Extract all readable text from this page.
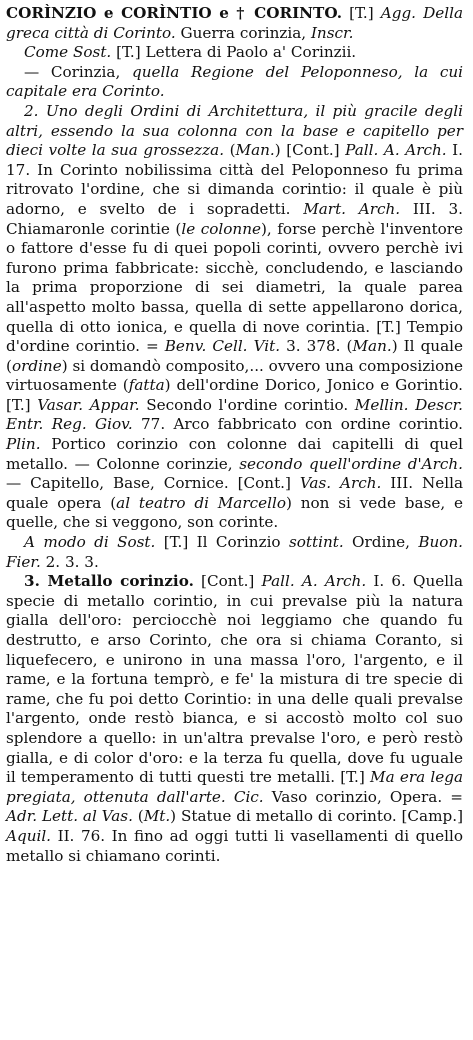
CORÌNZIO e CORÌNTIO e † CORINTO. [T.] Agg. Della greca città di Corinto. Guerra corinzia, Inscr.

Come Sost. [T.] Lettera di Paolo a' Corinzii.

— Corinzia, quella Regione del Peloponneso, la cui capitale era Corinto.

2. Uno degli Ordini di Architettura, il più gracile degli altri, essendo la sua colonna con la base e capitello per dieci volte la sua grossezza. (Man.) [Cont.] Pall. A. Arch. I. 17. In Corinto nobilissima città del Peloponneso fu prima ritrovato l'ordine, che si dimanda corintio: il quale è più adorno, e svelto de i sopradetti. Mart. Arch. III. 3. Chiamaronle corintie (le colonne), forse perchè l'inventore o fattore d'esse fu di quei popoli corinti, ovvero perchè ivi furono prima fabbricate: sicchè, concludendo, e lasciando la prima proporzione di sei diametri, la quale parea all'aspetto molto bassa, quella di sette appellarono dorica, quella di otto ionica, e quella di nove corintia. [T.] Tempio d'ordine corintio. = Benv. Cell. Vit. 3. 378. (Man.) Il quale (ordine) si domandò composito,... ovvero una composizione virtuosamente (fatta) dell'ordine Dorico, Jonico e Gorintio. [T.] Vasar. Appar. Secondo l'ordine corintio. Mellin. Descr. Entr. Reg. Giov. 77. Arco fabbricato con ordine corintio. Plin. Portico corinzio con colonne dai capitelli di quel metallo. — Colonne corinzie, secondo quell'ordine d'Arch. — Capitello, Base, Cornice. [Cont.] Vas. Arch. III. Nella quale opera (al teatro di Marcello) non si vede base, e quelle, che si veggono, son corinte.

A modo di Sost. [T.] Il Corinzio sottint. Ordine, Buon. Fier. 2. 3. 3.

3. Metallo corinzio. [Cont.] Pall. A. Arch. I. 6. Quella specie di metallo corintio, in cui prevalse più la natura gialla dell'oro: perciocchè noi leggiamo che quando fu destrutto, e arso Corinto, che ora si chiama Coranto, si liquefecero, e unirono in una massa l'oro, l'argento, e il rame, e la fortuna temprò, e fe' la mistura di tre specie di rame, che fu poi detto Corintio: in una delle quali prevalse l'argento, onde restò bianca, e si accostò molto col suo splendore a quello: in un'altra prevalse l'oro, e però restò gialla, e di color d'oro: e la terza fu quella, dove fu uguale il temperamento di tutti questi tre metalli. [T.] Ma era lega pregiata, ottenuta dall'arte. Cic. Vaso corinzio, Opera. = Adr. Lett. al Vas. (Mt.) Statue di metallo di corinto. [Camp.] Aquil. II. 76. In fino ad oggi tutti li vasellamenti di quello metallo si chiamano corinti.
